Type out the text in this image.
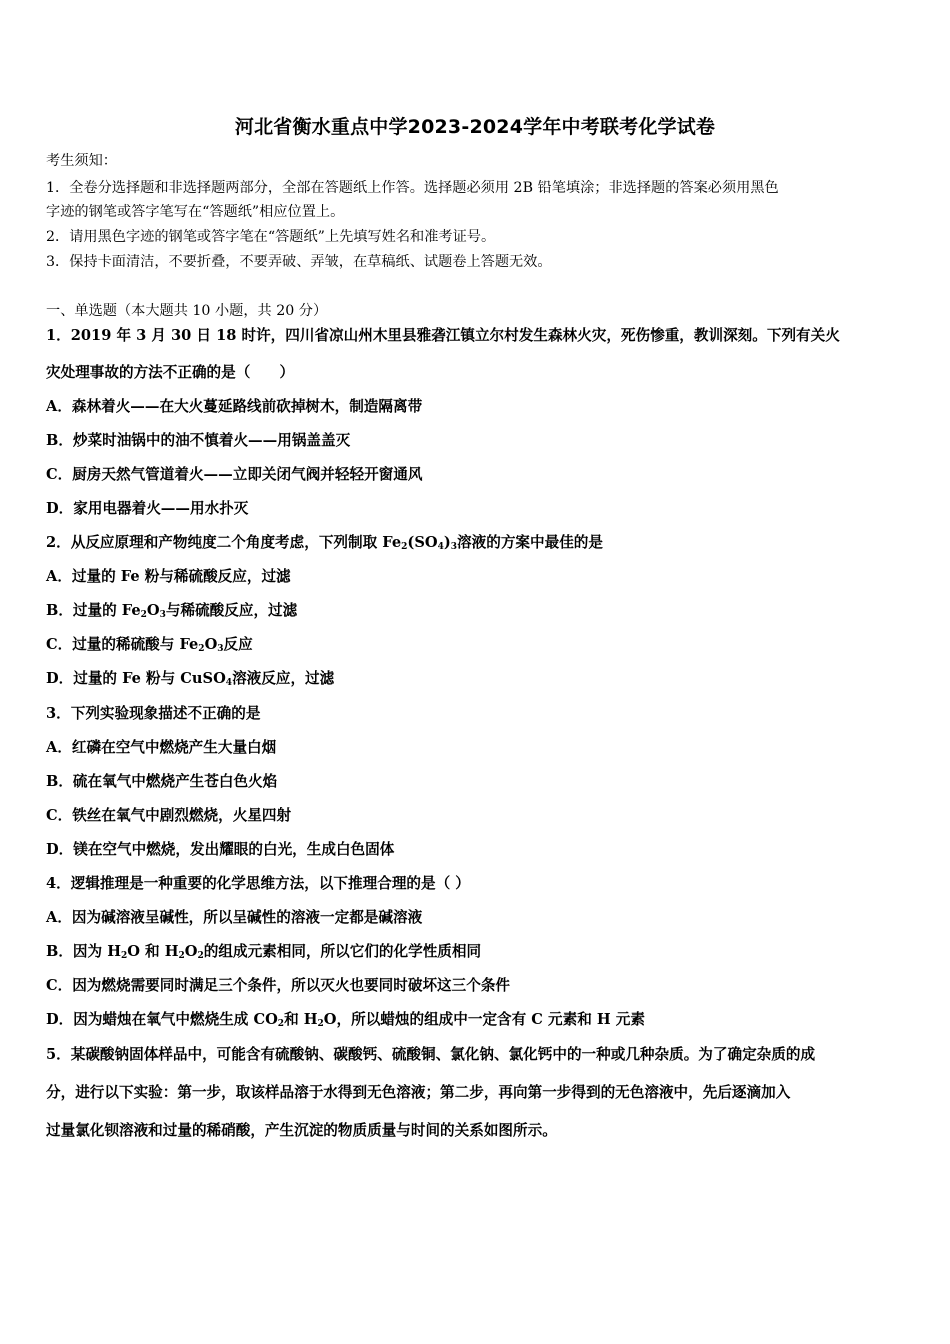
河北省衡水重点中学2023-2024学年中考联考化学试卷
考生须知：
1．全卷分选择题和非选择题两部分，全部在答题纸上作答。选择题必须用 2B 铅笔填涂；非选择题的答案必须用黑色
字迹的钢笔或答字笔写在“答题纸”相应位置上。
2．请用黑色字迹的钢笔或答字笔在“答题纸”上先填写姓名和准考证号。
3．保持卡面清洁，不要折叠，不要弄破、弄皱，在草稿纸、试题卷上答题无效。
一、单选题（本大题共 10 小题，共 20 分）
1．2019 年 3 月 30 日 18 时许，四川省凉山州木里县雅砻江镇立尔村发生森林火灾，死伤惨重，教训深刻。下列有关火
灾处理事故的方法不正确的是（　　）
A．森林着火——在大火蔓延路线前砍掉树木，制造隔离带
B．炒菜时油锅中的油不慎着火——用锅盖盖灭
C．厨房天然气管道着火——立即关闭气阀并轻轻开窗通风
D．家用电器着火——用水扑灭
2．从反应原理和产物纯度二个角度考虑，下列制取 $Fe_2(SO_4)_3$溶液的方案中最佳的是
A．过量的 Fe 粉与稀硫酸反应，过滤
B．过量的 $Fe_2O_3$与稀硫酸反应，过滤
C．过量的稀硫酸与 $Fe_2O_3$反应
D．过量的 Fe 粉与 CuSO$_4$溶液反应，过滤
3．下列实验现象描述不正确的是
A．红磷在空气中燃烧产生大量白烟
B．硫在氧气中燃烧产生苍白色火焰
C．铁丝在氧气中剧烈燃烧，火星四射
D．镁在空气中燃烧，发出耀眼的白光，生成白色固体
4．逻辑推理是一种重要的化学思维方法，以下推理合理的是（ ）
A．因为碱溶液呈碱性，所以呈碱性的溶液一定都是碱溶液
B．因为 $H_2O$ 和 $H_2O_2$的组成元素相同，所以它们的化学性质相同
C．因为燃烧需要同时满足三个条件，所以灭火也要同时破坏这三个条件
D．因为蜡烛在氧气中燃烧生成 $CO_2$和 $H_2O$，所以蜡烛的组成中一定含有 C 元素和 H 元素
5．某碳酸钠固体样品中，可能含有硫酸钠、碳酸钙、硫酸铜、氯化钠、氯化钙中的一种或几种杂质。为了确定杂质的成
分，进行以下实验：第一步，取该样品溶于水得到无色溶液；第二步，再向第一步得到的无色溶液中，先后逐滴加入
过量氯化钡溶液和过量的稀硝酸，产生沉淀的物质质量与时间的关系如图所示。
